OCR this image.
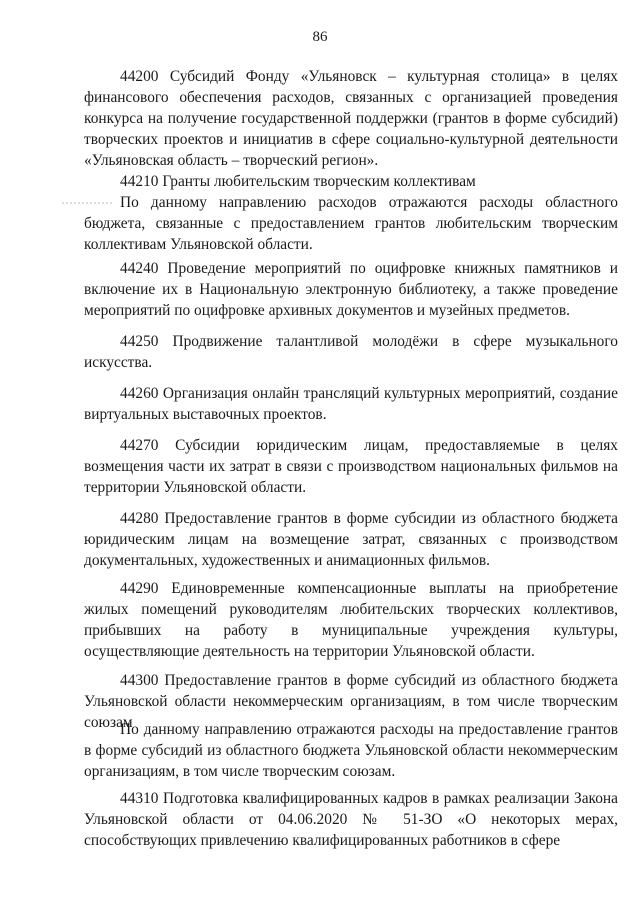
86

44200 Субсидий Фонду «Ульяновск – культурная столица» в целях финансового обеспечения расходов, связанных с организацией проведения конкурса на получение государственной поддержки (грантов в форме субсидий) творческих проектов и инициатив в сфере социально-культурной деятельности «Ульяновская область – творческий регион».

44210 Гранты любительским творческим коллективам

По данному направлению расходов отражаются расходы областного бюджета, связанные с предоставлением грантов любительским творческим коллективам Ульяновской области.

44240 Проведение мероприятий по оцифровке книжных памятников и включение их в Национальную электронную библиотеку, а также проведение мероприятий по оцифровке архивных документов и музейных предметов.

44250 Продвижение талантливой молодёжи в сфере музыкального искусства.

44260 Организация онлайн трансляций культурных мероприятий, создание виртуальных выставочных проектов.

44270 Субсидии юридическим лицам, предоставляемые в целях возмещения части их затрат в связи с производством национальных фильмов на территории Ульяновской области.

44280 Предоставление грантов в форме субсидии из областного бюджета юридическим лицам на возмещение затрат, связанных с производством документальных, художественных и анимационных фильмов.

44290 Единовременные компенсационные выплаты на приобретение жилых помещений руководителям любительских творческих коллективов, прибывших на работу в муниципальные учреждения культуры, осуществляющие деятельность на территории Ульяновской области.

44300 Предоставление грантов в форме субсидий из областного бюджета Ульяновской области некоммерческим организациям, в том числе творческим союзам

По данному направлению отражаются расходы на предоставление грантов в форме субсидий из областного бюджета Ульяновской области некоммерческим организациям, в том числе творческим союзам.

44310 Подготовка квалифицированных кадров в рамках реализации Закона Ульяновской области от 04.06.2020 № 51-ЗО «О некоторых мерах, способствующих привлечению квалифицированных работников в сфере
